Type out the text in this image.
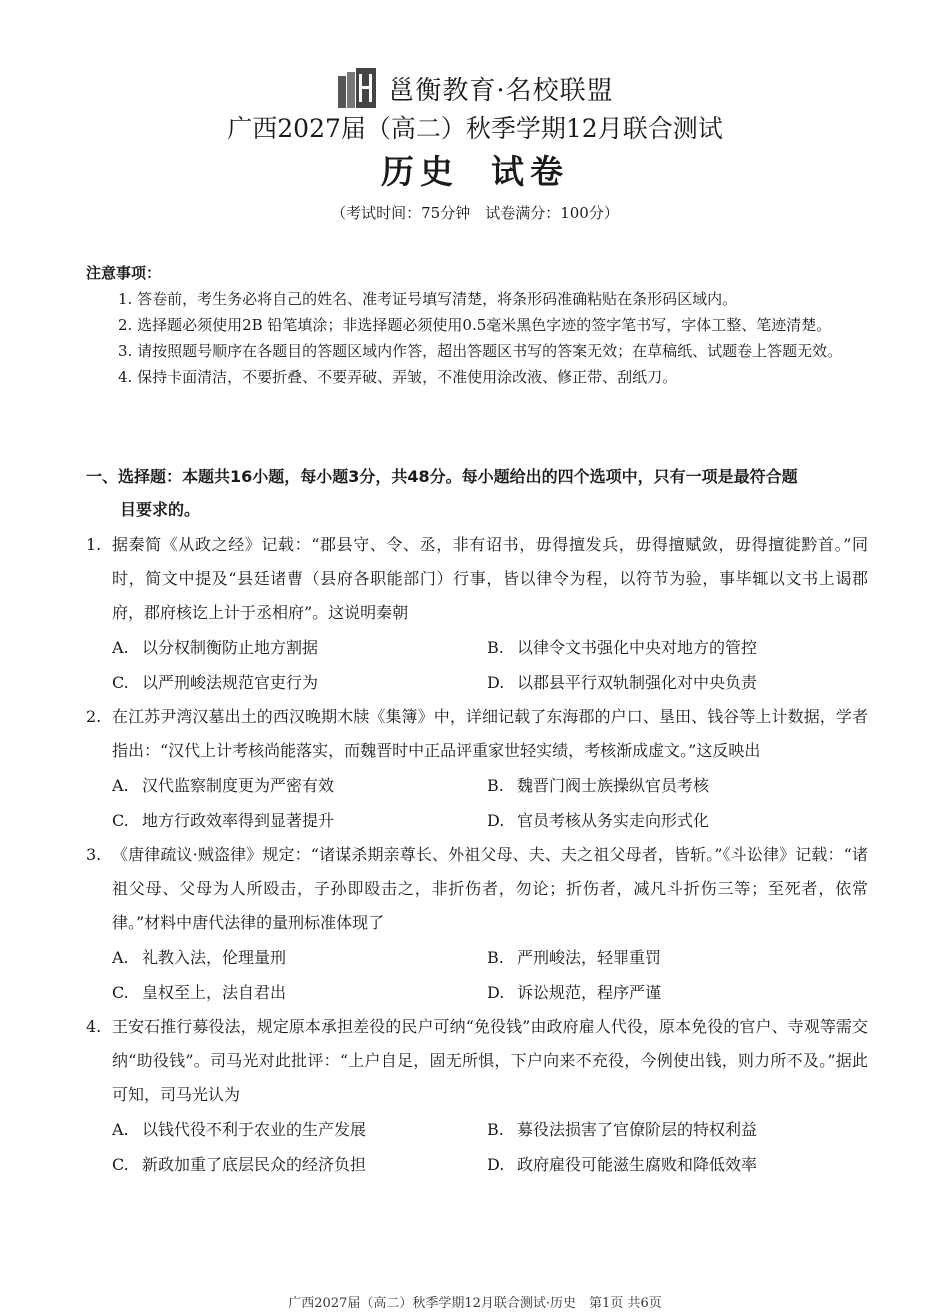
邕衡教育·名校联盟
广西2027届（高二）秋季学期12月联合测试
历史 试卷
（考试时间：75分钟　试卷满分：100分）
注意事项：

1. 答卷前，考生务必将自己的姓名、准考证号填写清楚，将条形码准确粘贴在条形码区域内。

2. 选择题必须使用2B 铅笔填涂；非选择题必须使用0.5毫米黑色字迹的签字笔书写，字体工整、笔迹清楚。

3. 请按照题号顺序在各题目的答题区域内作答，超出答题区书写的答案无效；在草稿纸、试题卷上答题无效。

4. 保持卡面清洁，不要折叠、不要弄破、弄皱，不准使用涂改液、修正带、刮纸刀。

一、选择题：本题共16小题，每小题3分，共48分。每小题给出的四个选项中，只有一项是最符合题
目要求的。
1. 据秦简《从政之经》记载：“郡县守、令、丞，非有诏书，毋得擅发兵，毋得擅赋敛，毋得擅徙黔首。”同时，简文中提及“县廷诸曹（县府各职能部门）行事，皆以律令为程，以符节为验，事毕辄以文书上谒郡府，郡府核讫上计于丞相府”。这说明秦朝
A. 以分权制衡防止地方割据	B. 以律令文书强化中央对地方的管控
C. 以严刑峻法规范官吏行为	D. 以郡县平行双轨制强化对中央负责
2. 在江苏尹湾汉墓出土的西汉晚期木牍《集簿》中，详细记载了东海郡的户口、垦田、钱谷等上计数据，学者指出：“汉代上计考核尚能落实，而魏晋时中正品评重家世轻实绩，考核渐成虚文。”这反映出
A. 汉代监察制度更为严密有效	B. 魏晋门阀士族操纵官员考核
C. 地方行政效率得到显著提升	D. 官员考核从务实走向形式化
3. 《唐律疏议·贼盗律》规定：“诸谋杀期亲尊长、外祖父母、夫、夫之祖父母者，皆斩。”《斗讼律》记载：“诸祖父母、父母为人所殴击，子孙即殴击之，非折伤者，勿论；折伤者，减凡斗折伤三等；至死者，依常律。”材料中唐代法律的量刑标准体现了
A. 礼教入法，伦理量刑	B. 严刑峻法，轻罪重罚
C. 皇权至上，法自君出	D. 诉讼规范，程序严谨
4. 王安石推行募役法，规定原本承担差役的民户可纳“免役钱”由政府雇人代役，原本免役的官户、寺观等需交纳“助役钱”。司马光对此批评：“上户自足，固无所惧，下户向来不充役，今例使出钱，则力所不及。”据此可知，司马光认为
A. 以钱代役不利于农业的生产发展	B. 募役法损害了官僚阶层的特权利益
C. 新政加重了底层民众的经济负担	D. 政府雇役可能滋生腐败和降低效率
广西2027届（高二）秋季学期12月联合测试·历史　第1页 共6页
